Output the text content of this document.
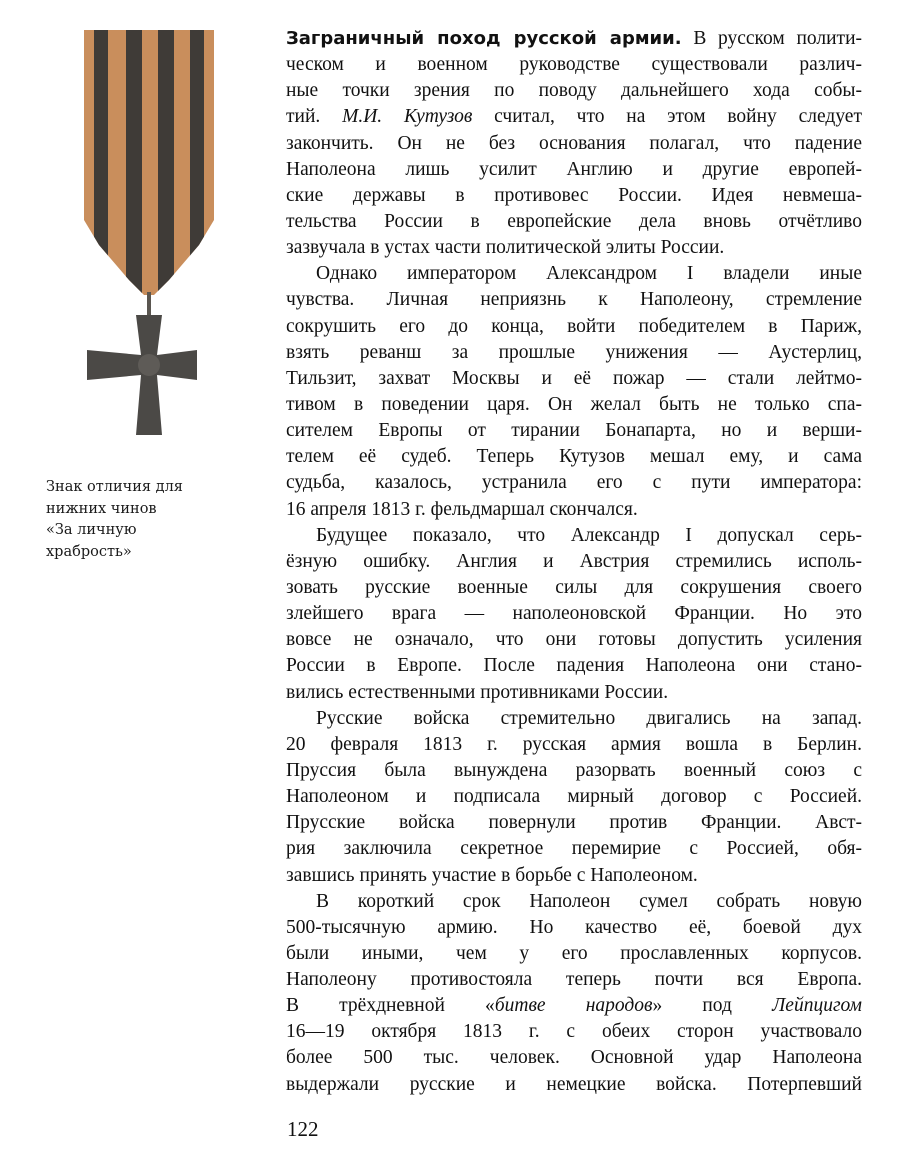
Знак отличия для
нижних чинов
«За личную
храбрость»
Заграничный поход русской армии. В русском полити-
ческом и военном руководстве существовали различ-
ные точки зрения по поводу дальнейшего хода собы-
тий. М.И. Кутузов считал, что на этом войну следует
закончить. Он не без основания полагал, что падение
Наполеона лишь усилит Англию и другие европей-
ские державы в противовес России. Идея невмеша-
тельства России в европейские дела вновь отчётливо
зазвучала в устах части политической элиты России.
Однако императором Александром I владели иные
чувства. Личная неприязнь к Наполеону, стремление
сокрушить его до конца, войти победителем в Париж,
взять реванш за прошлые унижения — Аустерлиц,
Тильзит, захват Москвы и её пожар — стали лейтмо-
тивом в поведении царя. Он желал быть не только спа-
сителем Европы от тирании Бонапарта, но и верши-
телем её судеб. Теперь Кутузов мешал ему, и сама
судьба, казалось, устранила его с пути императора:
16 апреля 1813 г. фельдмаршал скончался.
Будущее показало, что Александр I допускал серь-
ёзную ошибку. Англия и Австрия стремились исполь-
зовать русские военные силы для сокрушения своего
злейшего врага — наполеоновской Франции. Но это
вовсе не означало, что они готовы допустить усиления
России в Европе. После падения Наполеона они стано-
вились естественными противниками России.
Русские войска стремительно двигались на запад.
20 февраля 1813 г. русская армия вошла в Берлин.
Пруссия была вынуждена разорвать военный союз с
Наполеоном и подписала мирный договор с Россией.
Прусские войска повернули против Франции. Авст-
рия заключила секретное перемирие с Россией, обя-
завшись принять участие в борьбе с Наполеоном.
В короткий срок Наполеон сумел собрать новую
500-тысячную армию. Но качество её, боевой дух
были иными, чем у его прославленных корпусов.
Наполеону противостояла теперь почти вся Европа.
В трёхдневной «битве народов» под Лейпцигом
16—19 октября 1813 г. с обеих сторон участвовало
более 500 тыс. человек. Основной удар Наполеона
выдержали русские и немецкие войска. Потерпевший
122
